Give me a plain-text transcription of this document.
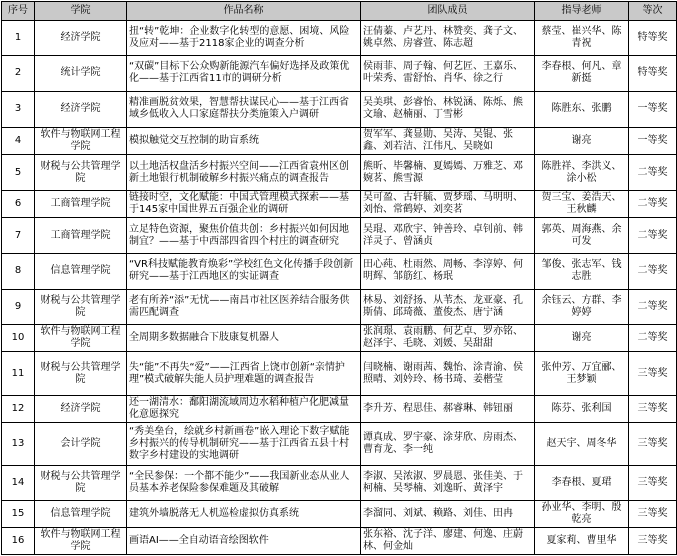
序号	学院	作品名称	团队成员	指导老师	等次
1	经济学院	扭“转”乾坤：企业数字化转型的意愿、困境、风险及应对——基于2118家企业的调查分析	汪倩蓁、卢艺丹、林赞奕、龚子文、姚卓然、房睿萱、陈志超	蔡莹、崔兴华、陈青祝	特等奖
2	统计学院	“双碳”目标下公众购新能源汽车偏好选择及政策优化——基于江西省11市的调研分析	侯雨菲、周子翰、何艺匠、王嘉乐、叶荣秀、雷舒怡、肖华、徐之行	李春根、何凡、章新挺	特等奖
3	经济学院	精准画脱贫效果，智慧帮扶谋民心——基于江西省域乡低收入人口家庭帮扶分类施策入户调研	吴美琪、彭睿怡、林锐涵、陈烁、熊文瑜、赵楠丽、丁雪彬	陈胜东、张鹏	一等奖
4	软件与物联网工程学院	模拟触觉交互控制的助盲系统	贺军军、龚显勋、吴涛、吴锟、张鑫、刘若洁、江伟凡、吴晓如	谢亮	一等奖
5	财税与公共管理学院	以土地活权盘活乡村振兴空间——江西省袁州区创新土地银行机制破解乡村振兴痛点的调查报告	熊昕、毕馨楠、夏嫣嫣、万雅芝、邓婉茗、熊雪源	陈胜祥、李洪义、涂小松	二等奖
6	工商管理学院	链接时空，文化赋能：中国式管理模式探索——基于145家中国世界五百强企业的调研	吴可盈、古轩毓、贾梦瑶、马明明、刘怡、常鹤婷、刘奕茗	贺三宝、姜浩天、王秋麟	二等奖
7	工商管理学院	立足特色资源，聚焦价值共创：乡村振兴如何因地制宜？——基于中西部四省四个村庄的调查研究	吴琨、邓欣宇、钟善玲、卓钊前、韩洋灵子、曾涵贞	郭英、周海燕、余可发	二等奖
8	信息管理学院	“VR科技赋能教育焕彩”学校红色文化传播手段创新研究——基于江西地区的实证调查	田心莼、杜雨然、周畅、李淳婷、何明辉、邹筋红、杨珉	邹俊、张志军、钱志胜	二等奖
9	财税与公共管理学院	老有所养“添”无忧——南昌市社区医养结合服务供需匹配调查	林易、刘舒扬、从苇杰、龙亚豪、孔斯倩、邱琦薇、董俊杰、唐宁涵	余钰云、方群、李婷婷	二等奖
10	软件与物联网工程学院	全周期多数据融合下肢康复机器人	张润璟、袁雨鹏、何艺卓、罗亦铭、赵泽宇、毛晓、刘媛、吴甜甜	谢亮	二等奖
11	财税与公共管理学院	失“能”不再失“爱”——江西省上饶市创新“亲情护理”模式破解失能人员护理难题的调查报告	闫晓楠、谢雨茜、魏怡、涂青渝、侯照晴、刘妗玲、杨书琦、姜楷莹	张仲芳、万宜郦、王梦颖	三等奖
12	经济学院	还一湖清水：鄱阳湖流域周边水稻种植户化肥减量化意愿探究	李升芳、程思佳、郝睿琳、韩钮丽	陈芬、张利国	三等奖
13	会计学院	“秀美垒台，绘就乡村新画卷”嵌入理论下数字赋能乡村振兴的传导机制研究——基于江西省五县十村数字乡村建设的实地调研	谭真成、罗宇豪、涂芽欣、房雨杰、曹育龙、李一纯	赵天宇、周冬华	三等奖
14	财税与公共管理学院	“全民参保：一个都不能少”——我国新业态从业人员基本养老保险参保难题及其破解	李淑、吴浓淑、罗晨恩、张佳美、于柯楠、吴琴楠、刘逸昕、黄泽宇	李春根、夏珺	三等奖
15	信息管理学院	建筑外墙脱落无人机巡检虚拟仿真系统	李溜同、刘斌、赖路、刘佳、田冉	孙业华、李明、殷乾亮	三等奖
16	软件与物联网工程学院	画语AI——全自动语音绘图软件	张东裕、沈子洋、廖建、何逸、庄蔚林、何金灿	夏家莉、曹里华	三等奖
